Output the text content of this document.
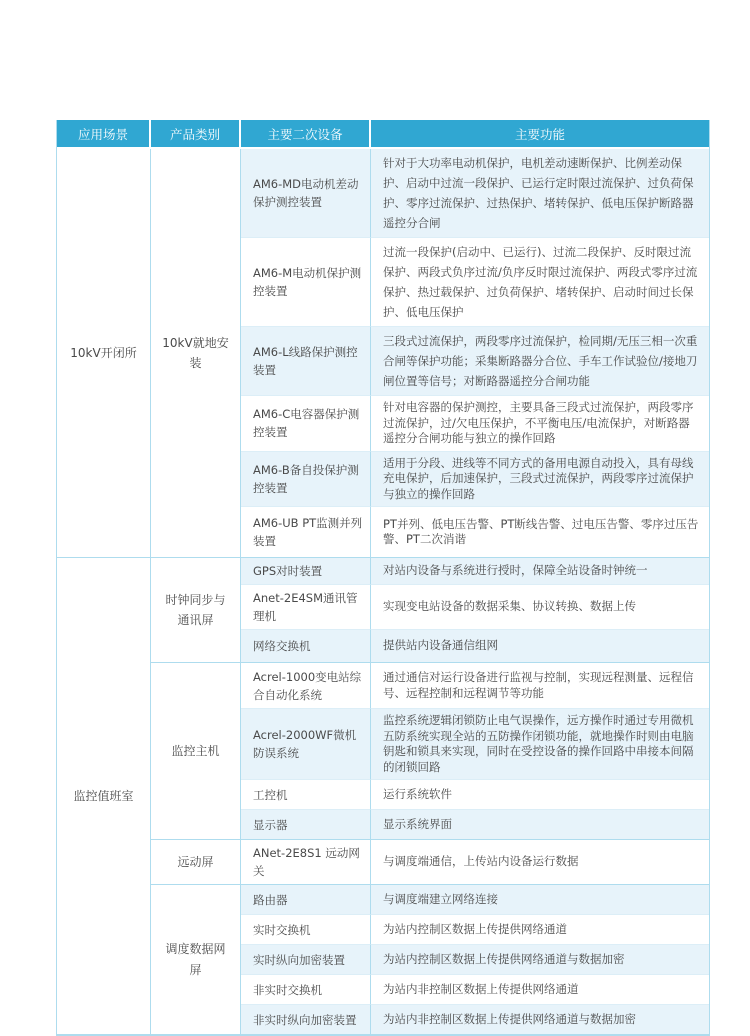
应用场景	产品类别	主要二次设备	主要功能
10kV开闭所	10kV就地安装	AM6-MD电动机差动保护测控装置	针对于大功率电动机保护，电机差动速断保护、比例差动保护、启动中过流一段保护、已运行定时限过流保护、过负荷保护、零序过流保护、过热保护、堵转保护、低电压保护断路器遥控分合闸
		AM6-M电动机保护测控装置	过流一段保护(启动中、已运行)、过流二段保护、反时限过流保护、两段式负序过流/负序反时限过流保护、两段式零序过流保护、热过载保护、过负荷保护、堵转保护、启动时间过长保护、低电压保护
		AM6-L线路保护测控装置	三段式过流保护，两段零序过流保护，检同期/无压三相一次重合闸等保护功能；采集断路器分合位、手车工作试验位/接地刀闸位置等信号；对断路器遥控分合闸功能
		AM6-C电容器保护测控装置	针对电容器的保护测控，主要具备三段式过流保护，两段零序过流保护，过/欠电压保护，不平衡电压/电流保护，对断路器遥控分合闸功能与独立的操作回路
		AM6-B备自投保护测控装置	适用于分段、进线等不同方式的备用电源自动投入，具有母线充电保护，后加速保护，三段式过流保护，两段零序过流保护与独立的操作回路
		AM6-UB PT监测并列装置	PT并列、低电压告警、PT断线告警、过电压告警、零序过压告警、PT二次消谐
监控值班室	时钟同步与通讯屏	GPS对时装置	对站内设备与系统进行授时，保障全站设备时钟统一
		Anet-2E4SM通讯管理机	实现变电站设备的数据采集、协议转换、数据上传
		网络交换机	提供站内设备通信组网
	监控主机	Acrel-1000变电站综合自动化系统	通过通信对运行设备进行监视与控制，实现远程测量、远程信号、远程控制和远程调节等功能
		Acrel-2000WF微机防误系统	监控系统逻辑闭锁防止电气误操作，远方操作时通过专用微机五防系统实现全站的五防操作闭锁功能，就地操作时则由电脑钥匙和锁具来实现，同时在受控设备的操作回路中串接本间隔的闭锁回路
		工控机	运行系统软件
		显示器	显示系统界面
	远动屏	ANet-2E8S1 远动网关	与调度端通信，上传站内设备运行数据
	调度数据网屏	路由器	与调度端建立网络连接
		实时交换机	为站内控制区数据上传提供网络通道
		实时纵向加密装置	为站内控制区数据上传提供网络通道与数据加密
		非实时交换机	为站内非控制区数据上传提供网络通道
		非实时纵向加密装置	为站内非控制区数据上传提供网络通道与数据加密
